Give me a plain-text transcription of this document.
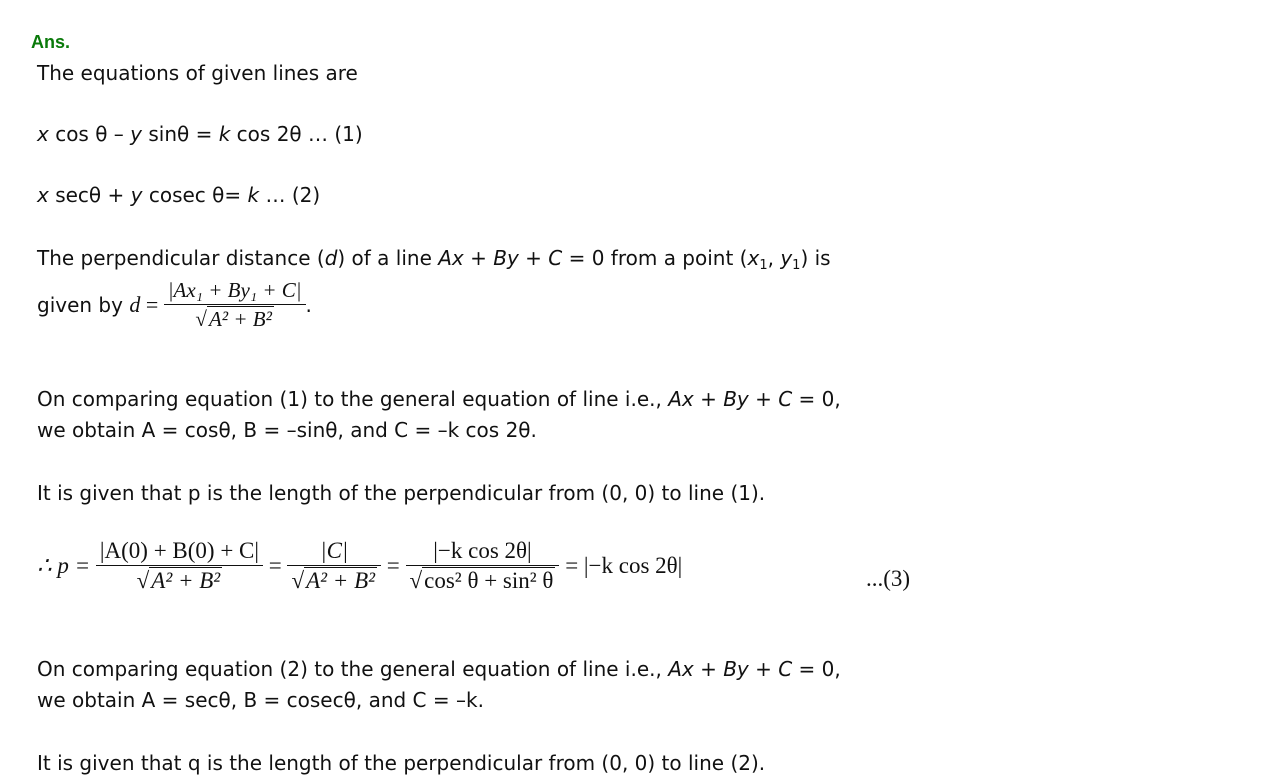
Ans.
The equations of given lines are
x cos θ – y sinθ = k cos 2θ … (1)
x secθ + y cosec θ= k … (2)
The perpendicular distance (d) of a line Ax + By + C = 0 from a point ($x_1$, $y_1$) is
given by $d = \frac{\text{|Ax₁ + By₁ + C|}}{\text{√A² + B²}}$ .
On comparing equation (1) to the general equation of line i.e., Ax + By + C = 0,
we obtain A = cosθ, B = –sinθ, and C = –k cos 2θ.
It is given that p is the length of the perpendicular from (0, 0) to line (1).
∴ $p = \frac{|A(0) + B(0) + C|}{\text{√A² + B²}} = \frac{|C|}{\text{√A² + B²}} = \frac{\text{|−k cos 2θ|}}{\text{√cos² θ + sin² θ}} = |-k$ cos 2θ|
...(3)
On comparing equation (2) to the general equation of line i.e., Ax + By + C = 0,
we obtain A = secθ, B = cosecθ, and C = –k.
It is given that q is the length of the perpendicular from (0, 0) to line (2).
